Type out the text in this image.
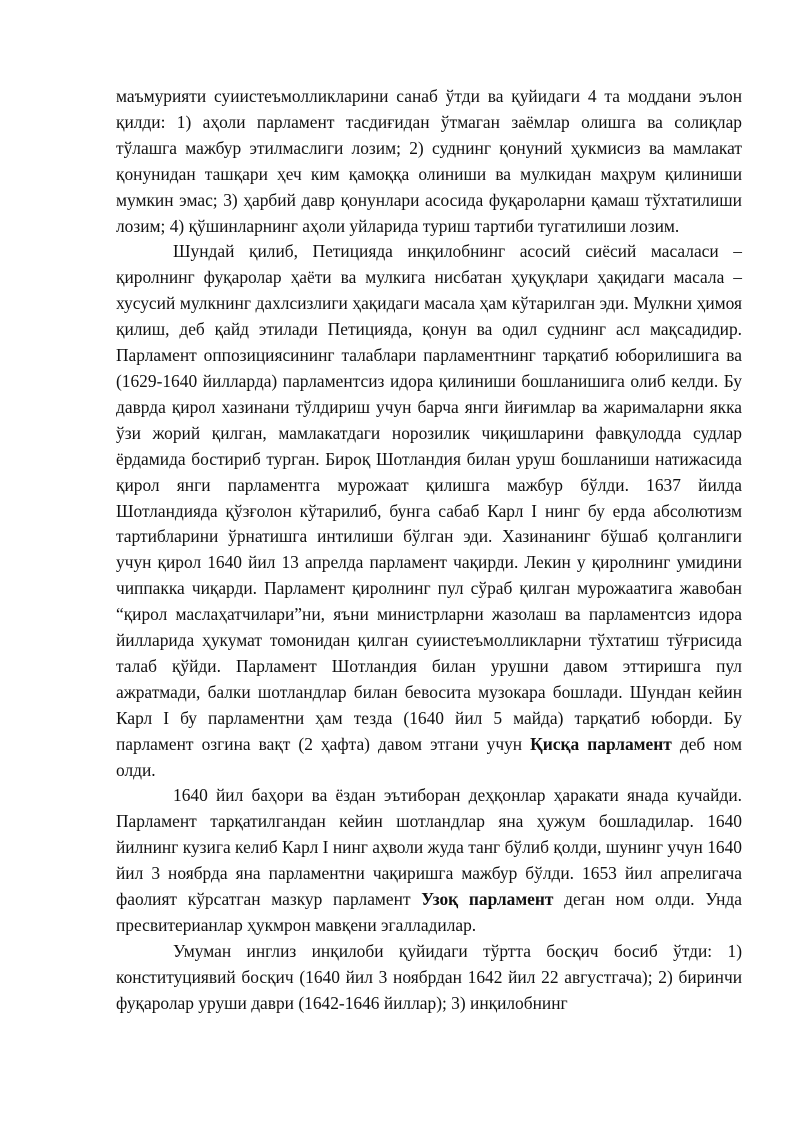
маъмурияти суиистеъмолликларини санаб ўтди ва қуйидаги 4 та моддани эълон қилди: 1) аҳоли парламент тасдиғидан ўтмаган заёмлар олишга ва солиқлар тўлашга мажбур этилмаслиги лозим; 2) суднинг қонуний ҳукмисиз ва мамлакат қонунидан ташқари ҳеч ким қамоққа олиниши ва мулкидан маҳрум қилиниши мумкин эмас; 3) ҳарбий давр қонунлари асосида фуқароларни қамаш тўхтатилиши лозим; 4) қўшинларнинг аҳоли уйларида туриш тартиби тугатилиши лозим.

Шундай қилиб, Петицияда инқилобнинг асосий сиёсий масаласи – қиролнинг фуқаролар ҳаёти ва мулкига нисбатан ҳуқуқлари ҳақидаги масала – хусусий мулкнинг дахлсизлиги ҳақидаги масала ҳам кўтарилган эди. Мулкни ҳимоя қилиш, деб қайд этилади Петицияда, қонун ва одил суднинг асл мақсадидир. Парламент оппозициясининг талаблари парламентнинг тарқатиб юборилишига ва (1629-1640 йилларда) парламентсиз идора қилиниши бошланишига олиб келди. Бу даврда қирол хазинани тўлдириш учун барча янги йиғимлар ва жарималарни якка ўзи жорий қилган, мамлакатдаги норозилик чиқишларини фавқулодда судлар ёрдамида бостириб турган. Бироқ Шотландия билан уруш бошланиши натижасида қирол янги парламентга мурожаат қилишга мажбур бўлди. 1637 йилда Шотландияда қўзғолон кўтарилиб, бунга сабаб Карл I нинг бу ерда абсолютизм тартибларини ўрнатишга интилиши бўлган эди. Хазинанинг бўшаб қолганлиги учун қирол 1640 йил 13 апрелда парламент чақирди. Лекин у қиролнинг умидини чиппакка чиқарди. Парламент қиролнинг пул сўраб қилган мурожаатига жавобан “қирол маслаҳатчилари”ни, яъни министрларни жазолаш ва парламентсиз идора йилларида ҳукумат томонидан қилган суиистеъмолликларни тўхтатиш тўғрисида талаб қўйди. Парламент Шотландия билан урушни давом эттиришга пул ажратмади, балки шотландлар билан бевосита музокара бошлади. Шундан кейин Карл I бу парламентни ҳам тезда (1640 йил 5 майда) тарқатиб юборди. Бу парламент озгина вақт (2 ҳафта) давом этгани учун Қисқа парламент деб ном олди.

1640 йил баҳори ва ёздан эътиборан деҳқонлар ҳаракати янада кучайди. Парламент тарқатилгандан кейин шотландлар яна ҳужум бошладилар. 1640 йилнинг кузига келиб Карл I нинг аҳволи жуда танг бўлиб қолди, шунинг учун 1640 йил 3 ноябрда яна парламентни чақиришга мажбур бўлди. 1653 йил апрелигача фаолият кўрсатган мазкур парламент Узоқ парламент деган ном олди. Унда пресвитерианлар ҳукмрон мавқени эгалладилар.

Умуман инглиз инқилоби қуйидаги тўртта босқич босиб ўтди: 1) конституциявий босқич (1640 йил 3 ноябрдан 1642 йил 22 августгача); 2) биринчи фуқаролар уруши даври (1642-1646 йиллар); 3) инқилобнинг
